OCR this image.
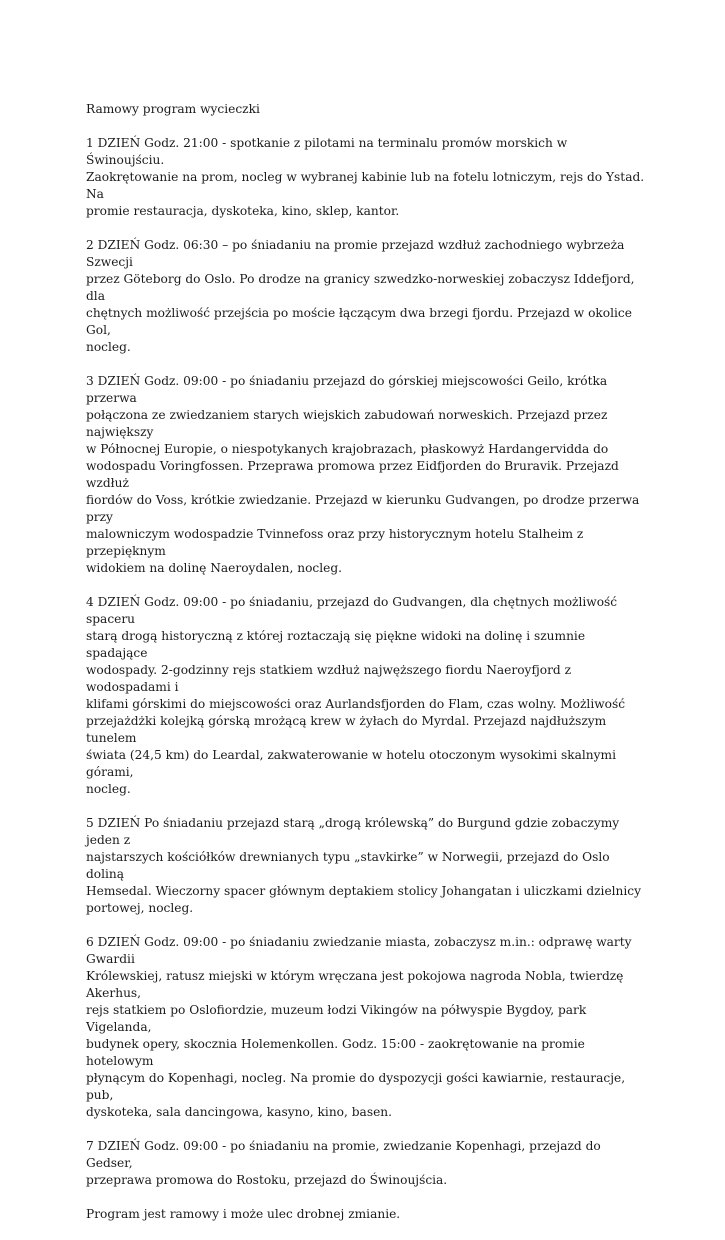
Ramowy program wycieczki

1 DZIEŃ Godz. 21:00 - spotkanie z pilotami na terminalu promów morskich w Świnoujściu.
Zaokrętowanie na prom, nocleg w wybranej kabinie lub na fotelu lotniczym, rejs do Ystad. Na
promie restauracja, dyskoteka, kino, sklep, kantor.

2 DZIEŃ Godz. 06:30 – po śniadaniu na promie przejazd wzdłuż zachodniego wybrzeża Szwecji
przez Göteborg do Oslo. Po drodze na granicy szwedzko-norweskiej zobaczysz Iddefjord, dla
chętnych możliwość przejścia po moście łączącym dwa brzegi fjordu. Przejazd w okolice Gol,
nocleg.

3 DZIEŃ Godz. 09:00 - po śniadaniu przejazd do górskiej miejscowości Geilo, krótka przerwa
połączona ze zwiedzaniem starych wiejskich zabudowań norweskich. Przejazd przez największy
w Północnej Europie, o niespotykanych krajobrazach, płaskowyż Hardangervidda do
wodospadu Voringfossen. Przeprawa promowa przez Eidfjorden do Bruravik. Przejazd wzdłuż
fiordów do Voss, krótkie zwiedzanie. Przejazd w kierunku Gudvangen, po drodze przerwa przy
malowniczym wodospadzie Tvinnefoss oraz przy historycznym hotelu Stalheim z przepięknym
widokiem na dolinę Naeroydalen, nocleg.

4 DZIEŃ Godz. 09:00 - po śniadaniu, przejazd do Gudvangen, dla chętnych możliwość spaceru
starą drogą historyczną z której roztaczają się piękne widoki na dolinę i szumnie spadające
wodospady. 2-godzinny rejs statkiem wzdłuż najwęższego fiordu Naeroyfjord z wodospadami i
klifami górskimi do miejscowości oraz Aurlandsfjorden do Flam, czas wolny. Możliwość
przejażdżki kolejką górską mrożącą krew w żyłach do Myrdal. Przejazd najdłuższym tunelem
świata (24,5 km) do Leardal, zakwaterowanie w hotelu otoczonym wysokimi skalnymi górami,
nocleg.

5 DZIEŃ Po śniadaniu przejazd starą „drogą królewską” do Burgund gdzie zobaczymy jeden z
najstarszych kościółków drewnianych typu „stavkirke” w Norwegii, przejazd do Oslo doliną
Hemsedal. Wieczorny spacer głównym deptakiem stolicy Johangatan i uliczkami dzielnicy
portowej, nocleg.

6 DZIEŃ Godz. 09:00 - po śniadaniu zwiedzanie miasta, zobaczysz m.in.: odprawę warty Gwardii
Królewskiej, ratusz miejski w którym wręczana jest pokojowa nagroda Nobla, twierdzę Akerhus,
rejs statkiem po Oslofiordzie, muzeum łodzi Vikingów na półwyspie Bygdoy, park Vigelanda,
budynek opery, skocznia Holemenkollen. Godz. 15:00 - zaokrętowanie na promie hotelowym
płynącym do Kopenhagi, nocleg. Na promie do dyspozycji gości kawiarnie, restauracje, pub,
dyskoteka, sala dancingowa, kasyno, kino, basen.

7 DZIEŃ Godz. 09:00 - po śniadaniu na promie, zwiedzanie Kopenhagi, przejazd do Gedser,
przeprawa promowa do Rostoku, przejazd do Świnoujścia.

Program jest ramowy i może ulec drobnej zmianie.
